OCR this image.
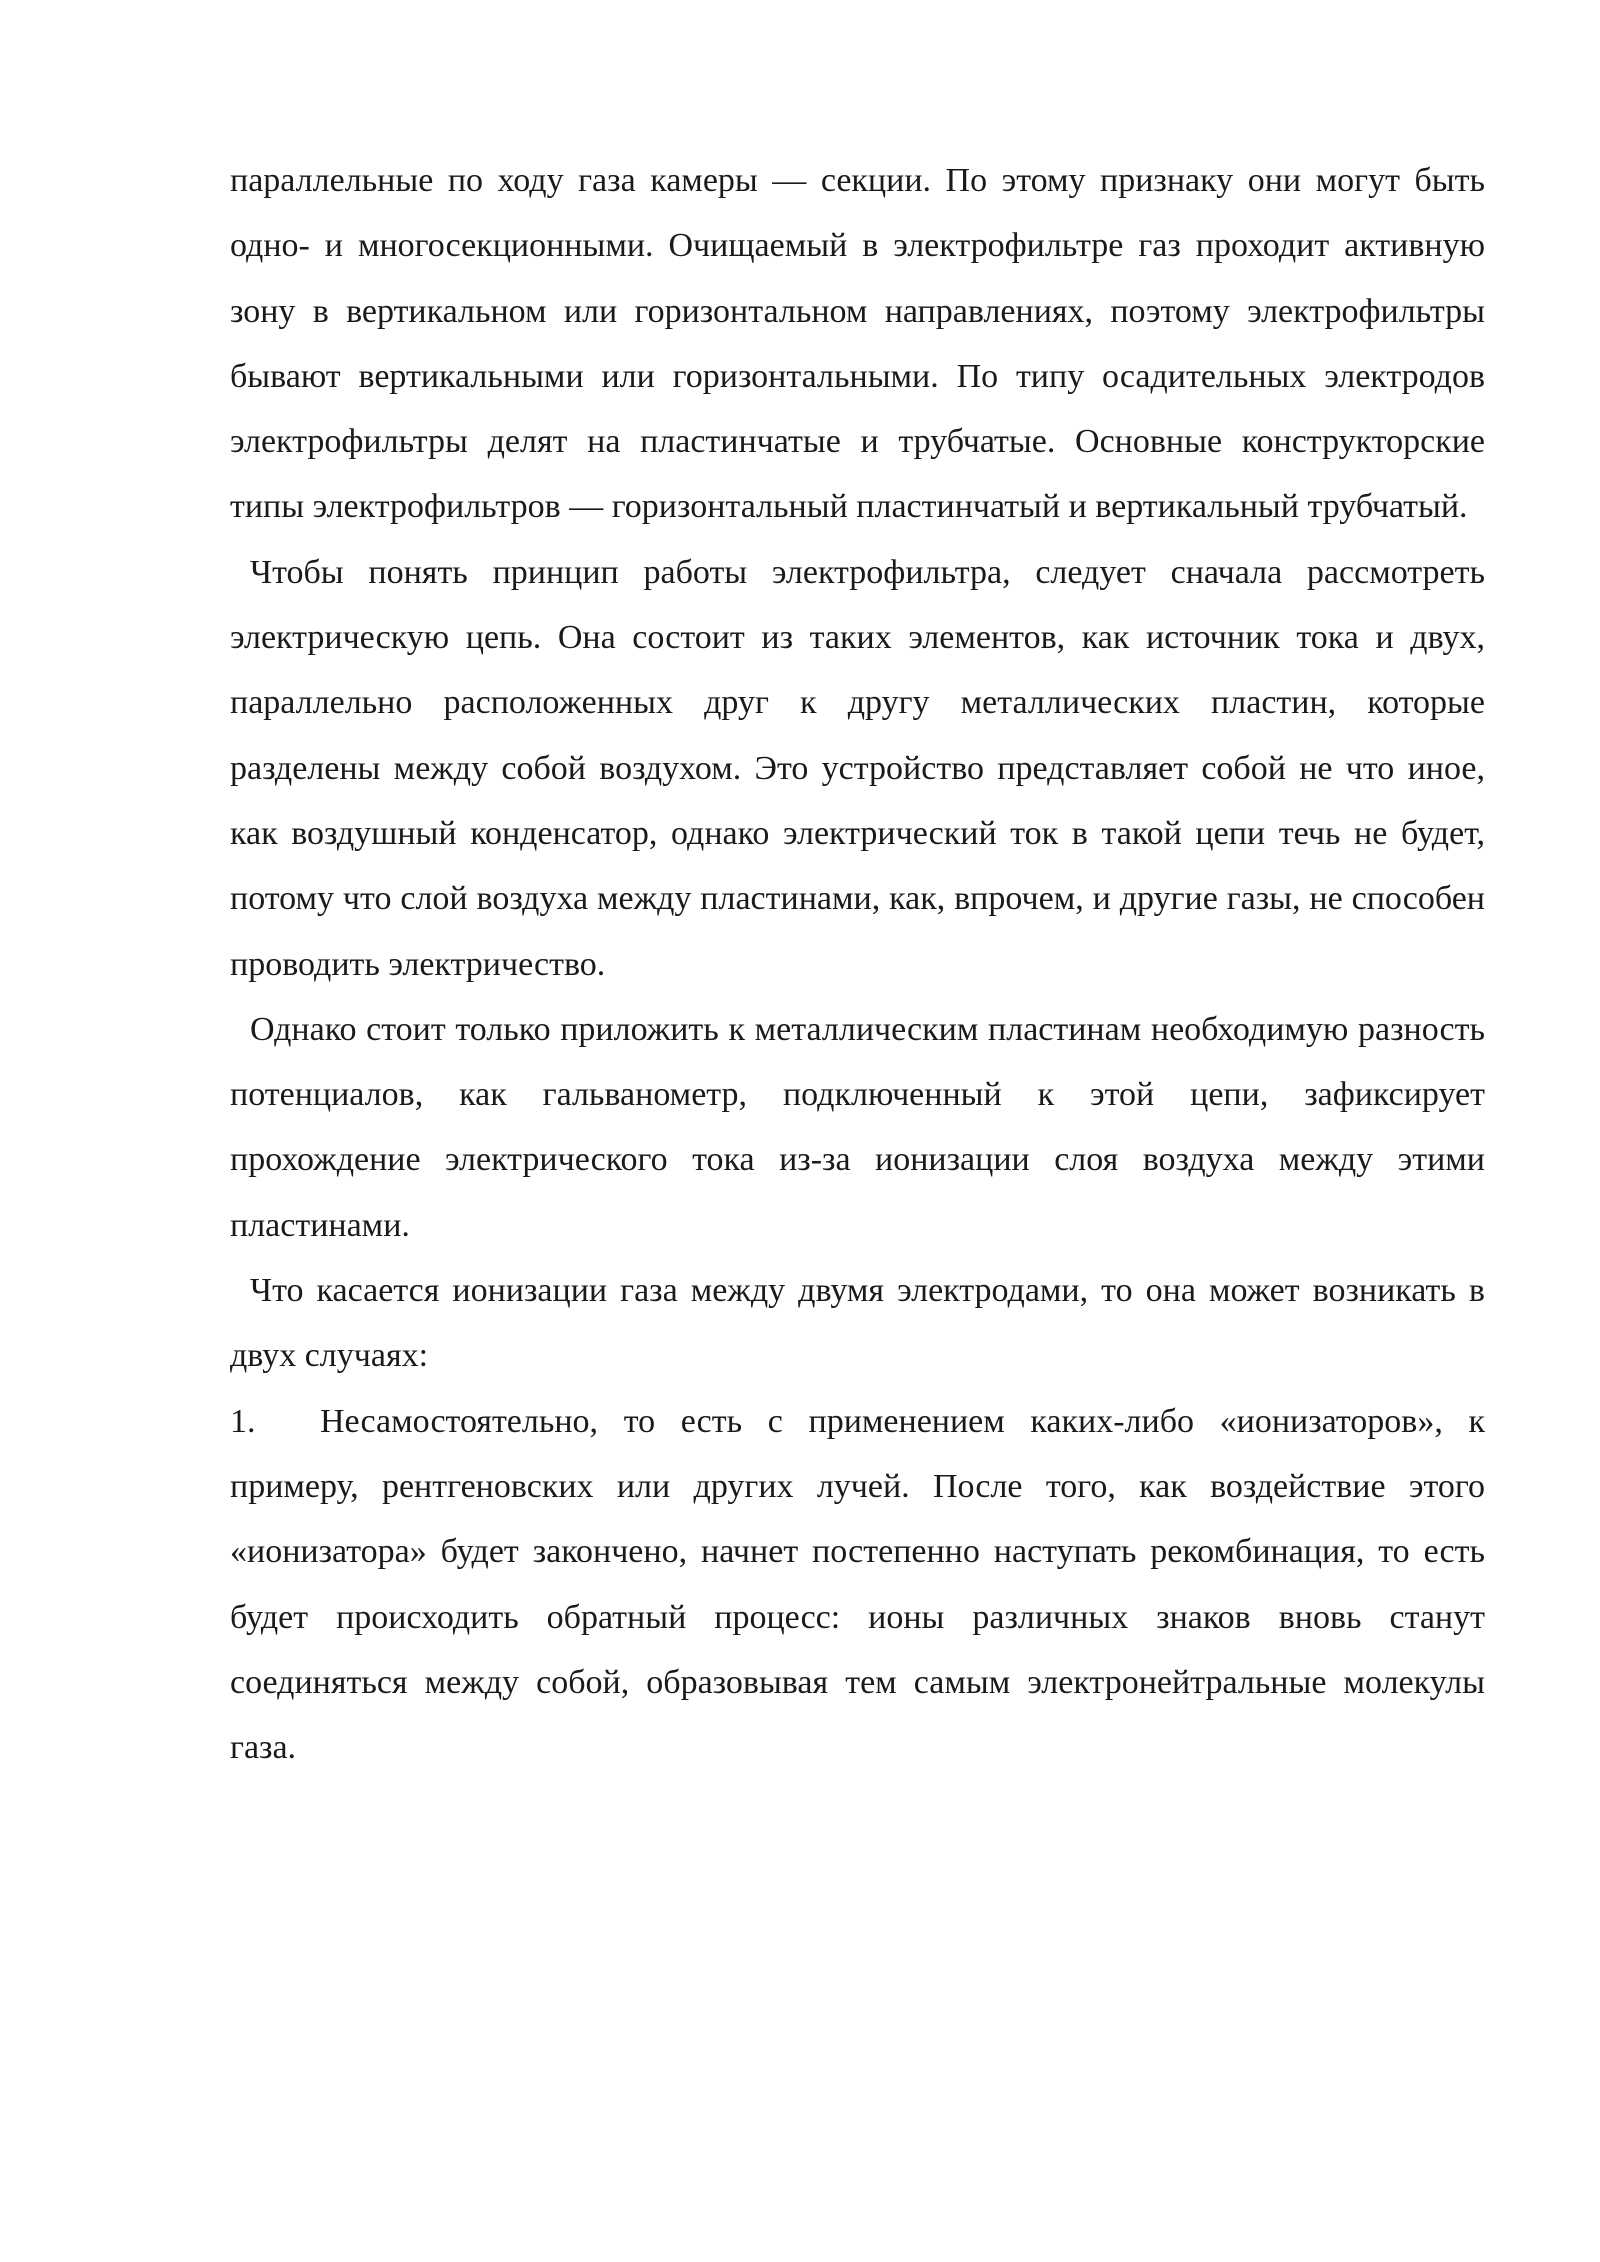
параллельные по ходу газа камеры — секции. По этому признаку они могут быть одно- и многосекционными. Очищаемый в электрофильтре газ проходит активную зону в вертикальном или горизонтальном направлениях, поэтому электрофильтры бывают вертикальными или горизонтальными. По типу осадительных электродов электрофильтры делят на пластинчатые и трубчатые. Основные конструкторские типы электрофильтров — горизонтальный пластинчатый и вертикальный трубчатый.

Чтобы понять принцип работы электрофильтра, следует сначала рассмотреть электрическую цепь. Она состоит из таких элементов, как источник тока и двух, параллельно расположенных друг к другу металлических пластин, которые разделены между собой воздухом. Это устройство представляет собой не что иное, как воздушный конденсатор, однако электрический ток в такой цепи течь не будет, потому что слой воздуха между пластинами, как, впрочем, и другие газы, не способен проводить электричество.

Однако стоит только приложить к металлическим пластинам необходимую разность потенциалов, как гальванометр, подключенный к этой цепи, зафиксирует прохождение электрического тока из-за ионизации слоя воздуха между этими пластинами.

Что касается ионизации газа между двумя электродами, то она может возникать в двух случаях:

1. Несамостоятельно, то есть с применением каких-либо «ионизаторов», к примеру, рентгеновских или других лучей. После того, как воздействие этого «ионизатора» будет закончено, начнет постепенно наступать рекомбинация, то есть будет происходить обратный процесс: ионы различных знаков вновь станут соединяться между собой, образовывая тем самым электронейтральные молекулы газа.
